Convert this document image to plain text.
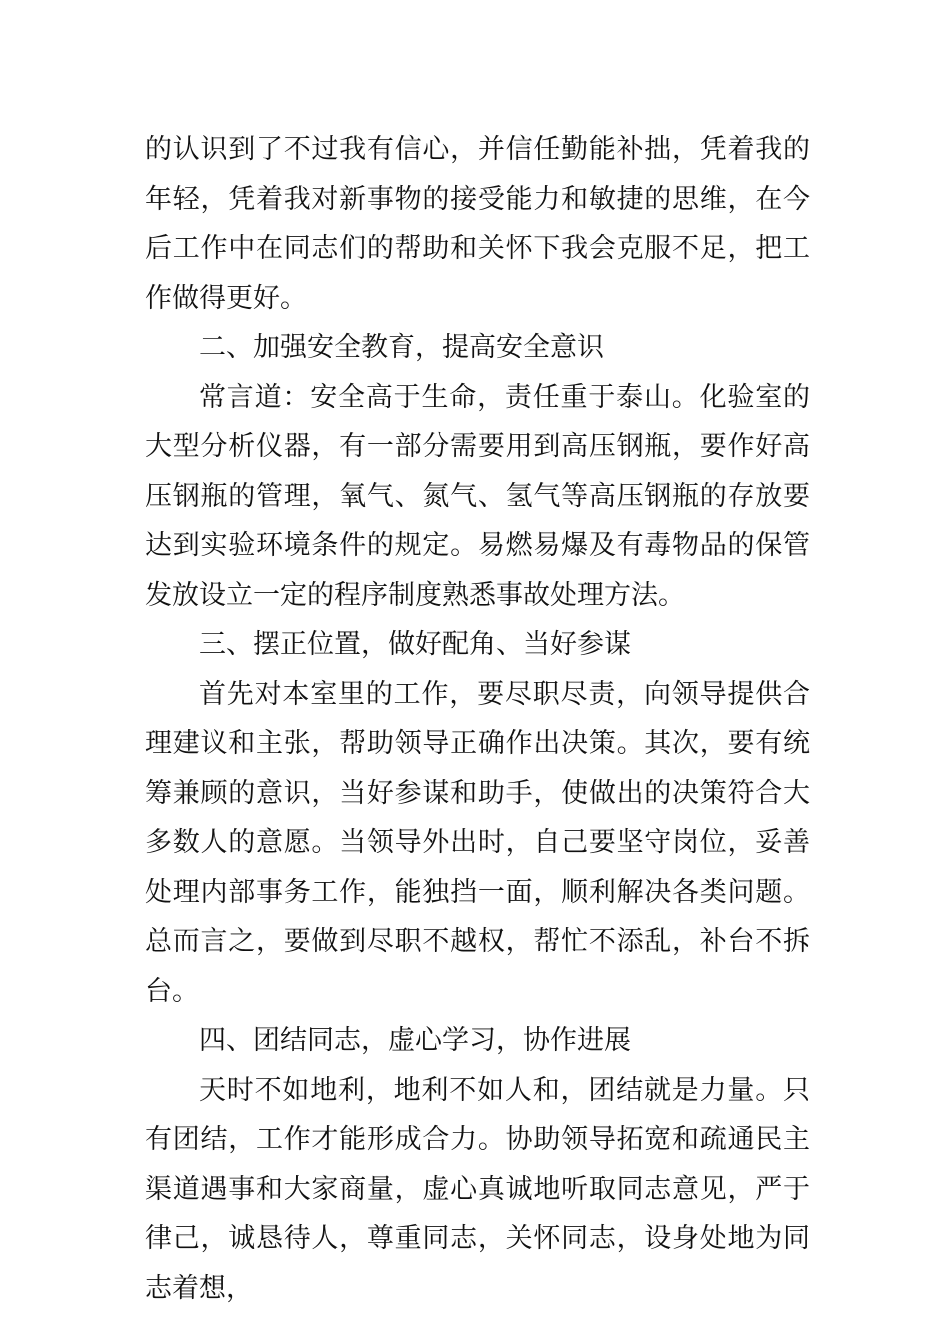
的认识到了不过我有信心，并信任勤能补拙，凭着我的年轻，凭着我对新事物的接受能力和敏捷的思维，在今后工作中在同志们的帮助和关怀下我会克服不足，把工作做得更好。

二、加强安全教育，提高安全意识

常言道：安全高于生命，责任重于泰山。化验室的大型分析仪器，有一部分需要用到高压钢瓶，要作好高压钢瓶的管理，氧气、氮气、氢气等高压钢瓶的存放要达到实验环境条件的规定。易燃易爆及有毒物品的保管发放设立一定的程序制度熟悉事故处理方法。

三、摆正位置，做好配角、当好参谋

首先对本室里的工作，要尽职尽责，向领导提供合理建议和主张，帮助领导正确作出决策。其次，要有统筹兼顾的意识，当好参谋和助手，使做出的决策符合大多数人的意愿。当领导外出时，自己要坚守岗位，妥善处理内部事务工作，能独挡一面，顺利解决各类问题。总而言之，要做到尽职不越权，帮忙不添乱，补台不拆台。

四、团结同志，虚心学习，协作进展

天时不如地利，地利不如人和，团结就是力量。只有团结，工作才能形成合力。协助领导拓宽和疏通民主渠道遇事和大家商量，虚心真诚地听取同志意见，严于律己，诚恳待人，尊重同志，关怀同志，设身处地为同志着想，
